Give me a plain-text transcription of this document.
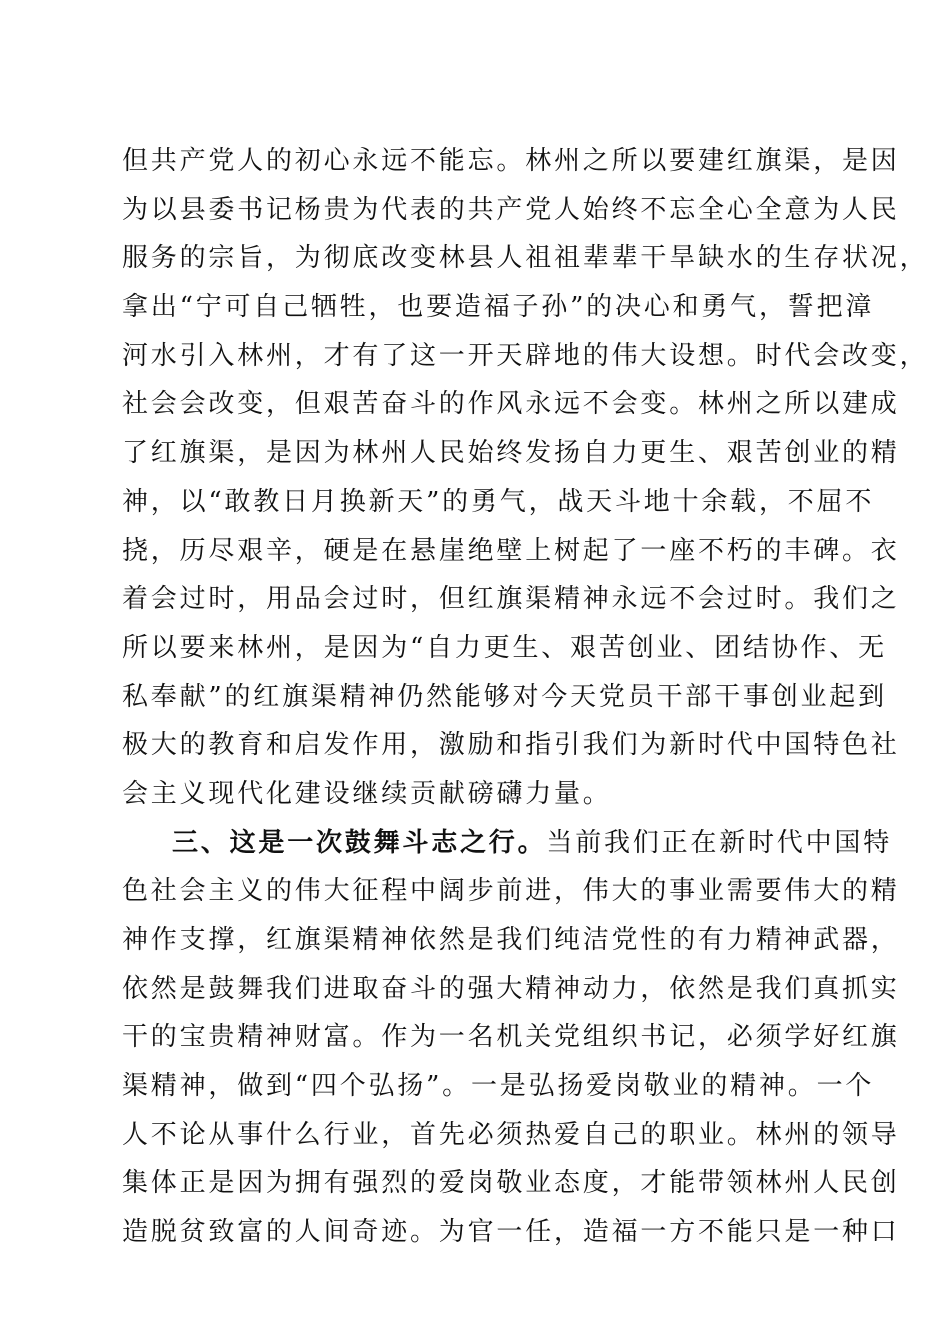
但共产党人的初心永远不能忘。林州之所以要建红旗渠，是因
为以县委书记杨贵为代表的共产党人始终不忘全心全意为人民
服务的宗旨，为彻底改变林县人祖祖辈辈干旱缺水的生存状况，
拿出“宁可自己牺牲，也要造福子孙”的决心和勇气，誓把漳
河水引入林州，才有了这一开天辟地的伟大设想。时代会改变，
社会会改变，但艰苦奋斗的作风永远不会变。林州之所以建成
了红旗渠，是因为林州人民始终发扬自力更生、艰苦创业的精
神，以“敢教日月换新天”的勇气，战天斗地十余载，不屈不
挠，历尽艰辛，硬是在悬崖绝壁上树起了一座不朽的丰碑。衣
着会过时，用品会过时，但红旗渠精神永远不会过时。我们之
所以要来林州，是因为“自力更生、艰苦创业、团结协作、无
私奉献”的红旗渠精神仍然能够对今天党员干部干事创业起到
极大的教育和启发作用，激励和指引我们为新时代中国特色社
会主义现代化建设继续贡献磅礴力量。
三、这是一次鼓舞斗志之行。当前我们正在新时代中国特
色社会主义的伟大征程中阔步前进，伟大的事业需要伟大的精
神作支撑，红旗渠精神依然是我们纯洁党性的有力精神武器，
依然是鼓舞我们进取奋斗的强大精神动力，依然是我们真抓实
干的宝贵精神财富。作为一名机关党组织书记，必须学好红旗
渠精神，做到“四个弘扬”。一是弘扬爱岗敬业的精神。一个
人不论从事什么行业，首先必须热爱自己的职业。林州的领导
集体正是因为拥有强烈的爱岗敬业态度，才能带领林州人民创
造脱贫致富的人间奇迹。为官一任，造福一方不能只是一种口
